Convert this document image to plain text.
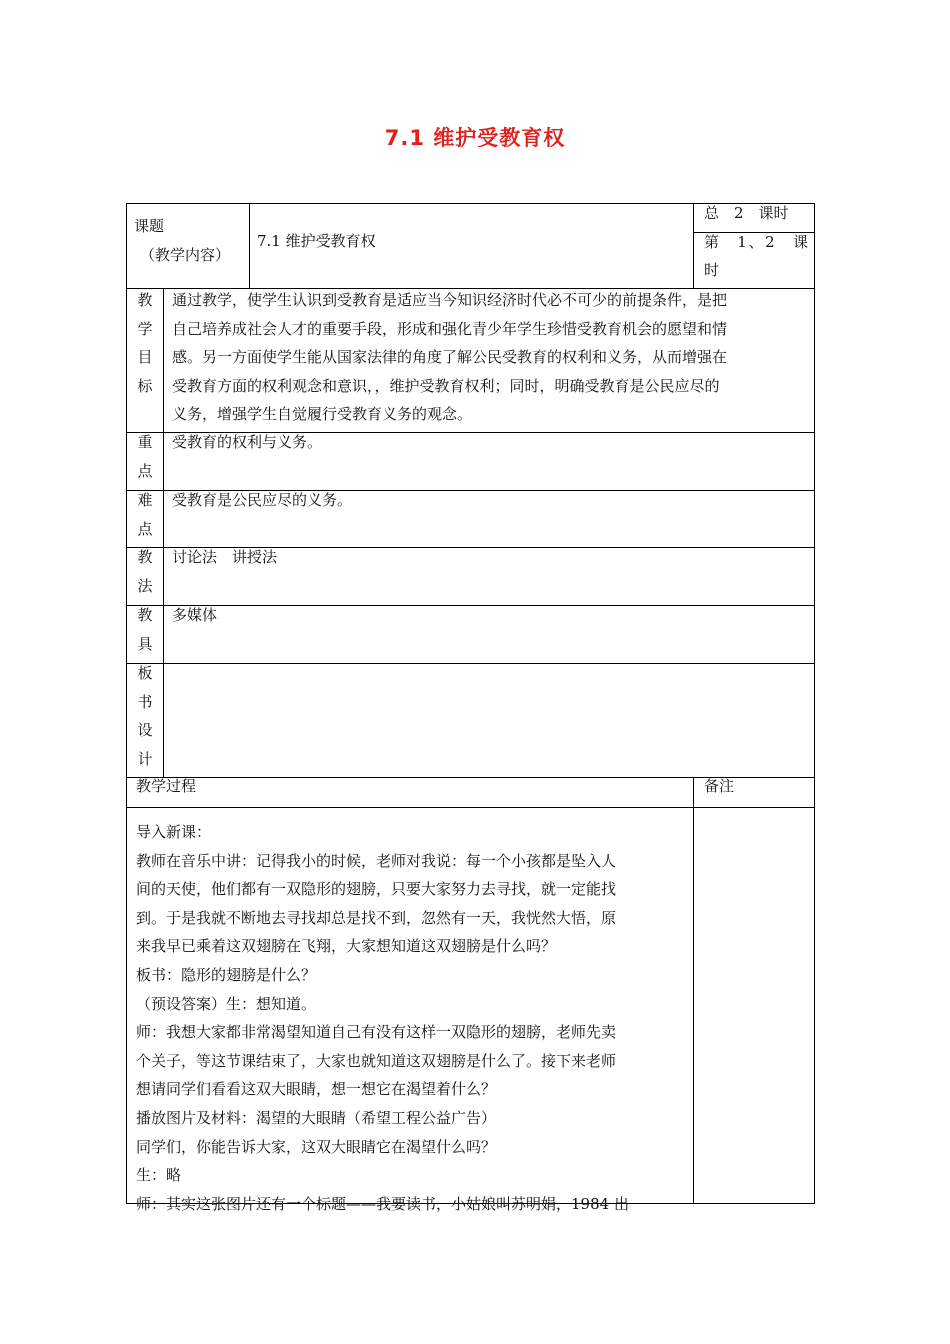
7.1 维护受教育权
课题
（教学内容）
7.1 维护受教育权
总　2　课时
第　1、2　课时
教
学
目
标
通过教学，使学生认识到受教育是适应当今知识经济时代必不可少的前提条件，是把
自己培养成社会人才的重要手段，形成和强化青少年学生珍惜受教育机会的愿望和情
感。另一方面使学生能从国家法律的角度了解公民受教育的权利和义务，从而增强在
受教育方面的权利观念和意识，，维护受教育权利；同时，明确受教育是公民应尽的
义务，增强学生自觉履行受教育义务的观念。
重
点
受教育的权利与义务。
难
点
受教育是公民应尽的义务。
教
法
讨论法　讲授法
教
具
多媒体
板
书
设
计
教学过程	备注
导入新课：
教师在音乐中讲：记得我小的时候，老师对我说：每一个小孩都是坠入人
间的天使，他们都有一双隐形的翅膀，只要大家努力去寻找，就一定能找
到。于是我就不断地去寻找却总是找不到，忽然有一天，我恍然大悟，原
来我早已乘着这双翅膀在飞翔，大家想知道这双翅膀是什么吗？
板书：隐形的翅膀是什么？
（预设答案）生：想知道。
师：我想大家都非常渴望知道自己有没有这样一双隐形的翅膀，老师先卖
个关子，等这节课结束了，大家也就知道这双翅膀是什么了。接下来老师
想请同学们看看这双大眼睛，想一想它在渴望着什么？
播放图片及材料：渴望的大眼睛（希望工程公益广告）
同学们，你能告诉大家，这双大眼睛它在渴望什么吗？
生：略
师：其实这张图片还有一个标题——我要读书，小姑娘叫苏明娟，1984 出
